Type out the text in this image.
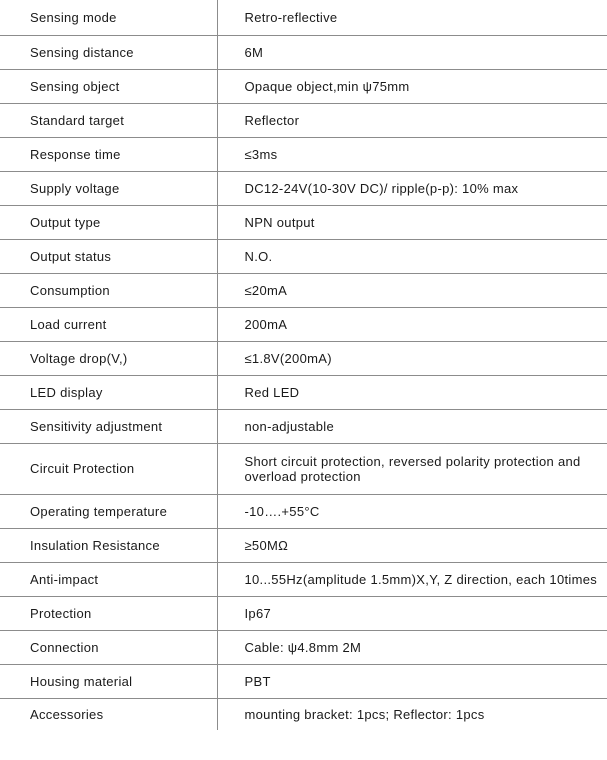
Sensing mode	Retro-reflective
Sensing distance	6M
Sensing object	Opaque object,min ψ75mm
Standard target	Reflector
Response time	≤3ms
Supply voltage	DC12-24V(10-30V DC)/ ripple(p-p): 10% max
Output type	NPN output
Output status	N.O.
Consumption	≤20mA
Load current	200mA
Voltage drop(V,)	≤1.8V(200mA)
LED display	Red LED
Sensitivity adjustment	non-adjustable
Circuit Protection	Short circuit protection, reversed polarity protection and overload protection
Operating temperature	-10….+55°C
Insulation Resistance	≥50MΩ
Anti-impact	10...55Hz(amplitude 1.5mm)X,Y, Z direction, each 10times
Protection	Ip67
Connection	Cable: ψ4.8mm 2M
Housing material	PBT
Accessories	mounting bracket: 1pcs; Reflector: 1pcs
